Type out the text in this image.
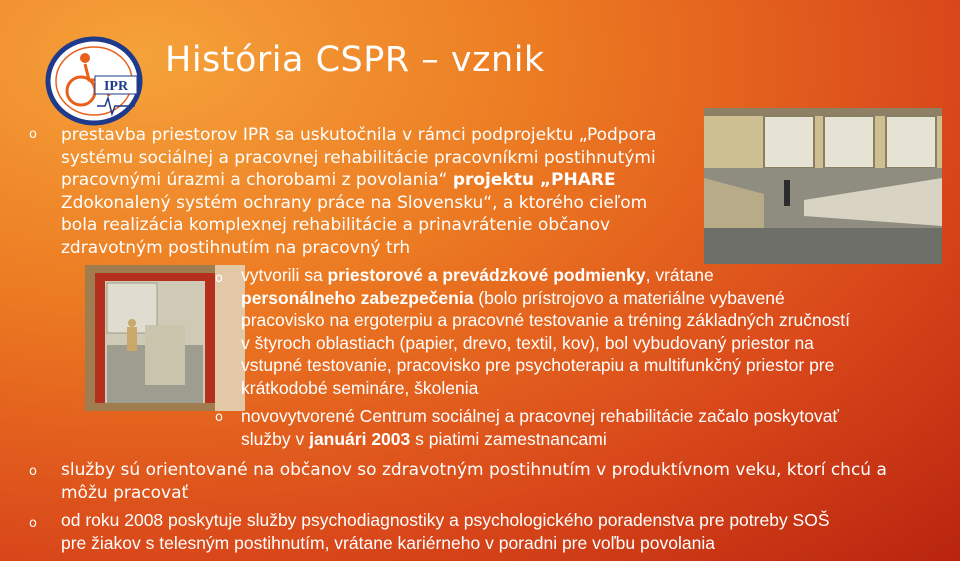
IPR
História CSPR – vznik
o prestavba priestorov IPR sa uskutočnila v rámci podprojektu „Podpora
systému sociálnej a pracovnej rehabilitácie pracovníkmi postihnutými
pracovnými úrazmi a chorobami z povolania“ projektu „PHARE
Zdokonalený systém ochrany práce na Slovensku“, a ktorého cieľom
bola realizácia komplexnej rehabilitácie a prinavrátenie občanov
zdravotným postihnutím na pracovný trh
o vytvorili sa priestorové a prevádzkové podmienky, vrátane
personálneho zabezpečenia (bolo prístrojovo a materiálne vybavené
pracovisko na ergoterpiu a pracovné testovanie a tréning základných zručností
v štyroch oblastiach (papier, drevo, textil, kov), bol vybudovaný priestor na
vstupné testovanie, pracovisko pre psychoterapiu a multifunkčný priestor pre
krátkodobé semináre, školenia
o novovytvorené Centrum sociálnej a pracovnej rehabilitácie začalo poskytovať
služby v januári 2003 s piatimi zamestnancami
o služby sú orientované na občanov so zdravotným postihnutím v produktívnom veku, ktorí chcú a
môžu pracovať
o od roku 2008 poskytuje služby psychodiagnostiky a psychologického poradenstva pre potreby SOŠ
pre žiakov s telesným postihnutím, vrátane kariérneho v poradni pre voľbu povolania
